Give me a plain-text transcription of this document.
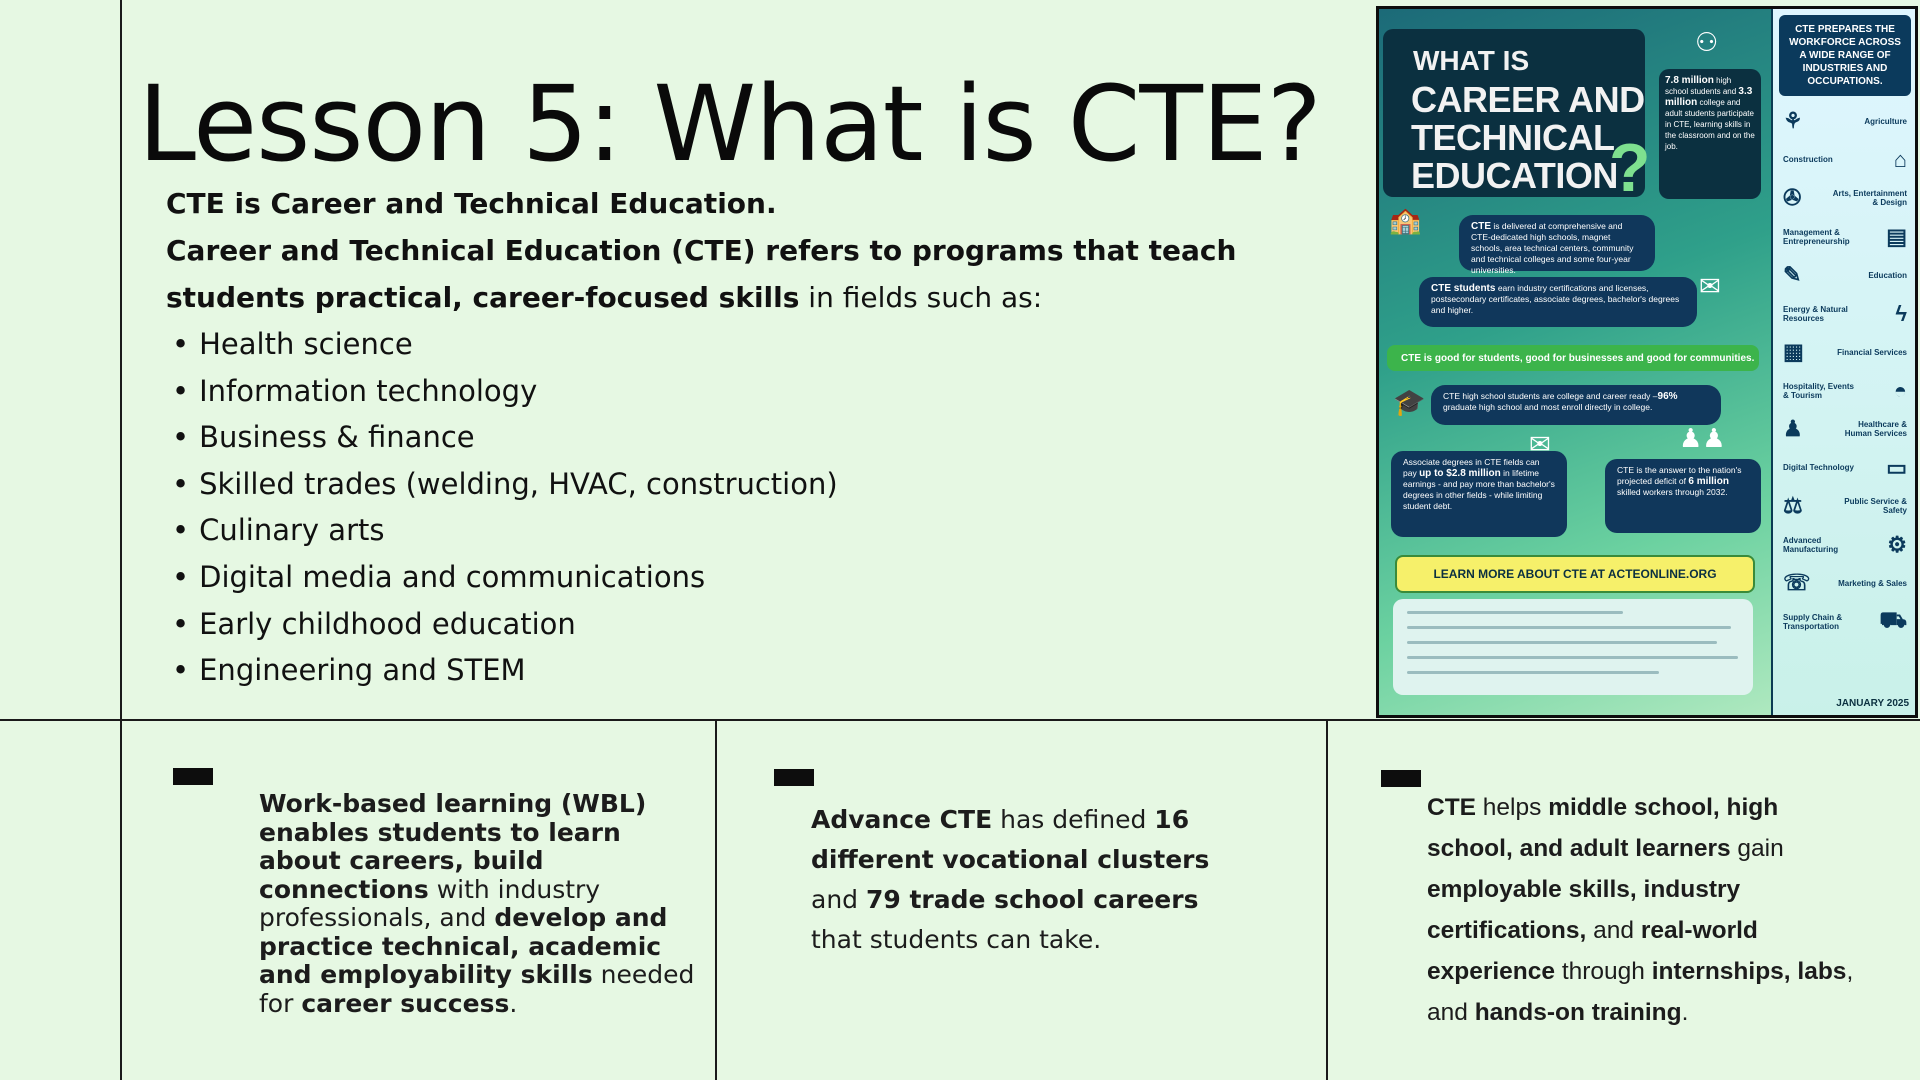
Lesson 5: What is CTE?

CTE is Career and Technical Education.

Career and Technical Education (CTE) refers to programs that teach students practical, career-focused skills in fields such as:

• Health science
• Information technology
• Business & finance
• Skilled trades (welding, HVAC, construction)
• Culinary arts
• Digital media and communications
• Early childhood education
• Engineering and STEM
WHAT IS
CAREER AND
TECHNICAL
EDUCATION
?
⚇
7.8 million high school students and 3.3 million college and adult students participate in CTE, learning skills in the classroom and on the job.
🏫	CTE is delivered at comprehensive and CTE-dedicated high schools, magnet schools, area technical centers, community and technical colleges and some four-year universities.
CTE students earn industry certifications and licenses, postsecondary certificates, associate degrees, bachelor's degrees and higher.
✉
CTE is good for students, good for businesses and good for communities.
🎓	CTE high school students are college and career ready –96% graduate high school and most enroll directly in college.
Associate degrees in CTE fields can pay up to $2.8 million in lifetime earnings - and pay more than bachelor's degrees in other fields - while limiting student debt.
✉
CTE is the answer to the nation's projected deficit of 6 million skilled workers through 2032.
♟♟
LEARN MORE ABOUT CTE AT ACTEONLINE.ORG
CTE PREPARES THE WORKFORCE ACROSS A WIDE RANGE OF INDUSTRIES AND OCCUPATIONS.
⚘	Agriculture
Construction	⌂
✇	Arts, Entertainment & Design
Management & Entrepreneurship	▤
✎	Education
Energy & Natural Resources	ϟ
▦	Financial Services
Hospitality, Events & Tourism	◓
♟	Healthcare & Human Services
Digital Technology ▭
⚖	Public Service & Safety
Advanced Manufacturing	⚙
☏	Marketing & Sales
Supply Chain & Transportation	⛟
JANUARY 2025
Work-based learning (WBL) enables students to learn about careers, build connections with industry professionals, and develop and practice technical, academic and employability skills needed for career success.
Advance CTE has defined 16 different vocational clusters and 79 trade school careers that students can take.
CTE helps middle school, high school, and adult learners gain employable skills, industry certifications, and real-world experience through internships, labs, and hands-on training.
